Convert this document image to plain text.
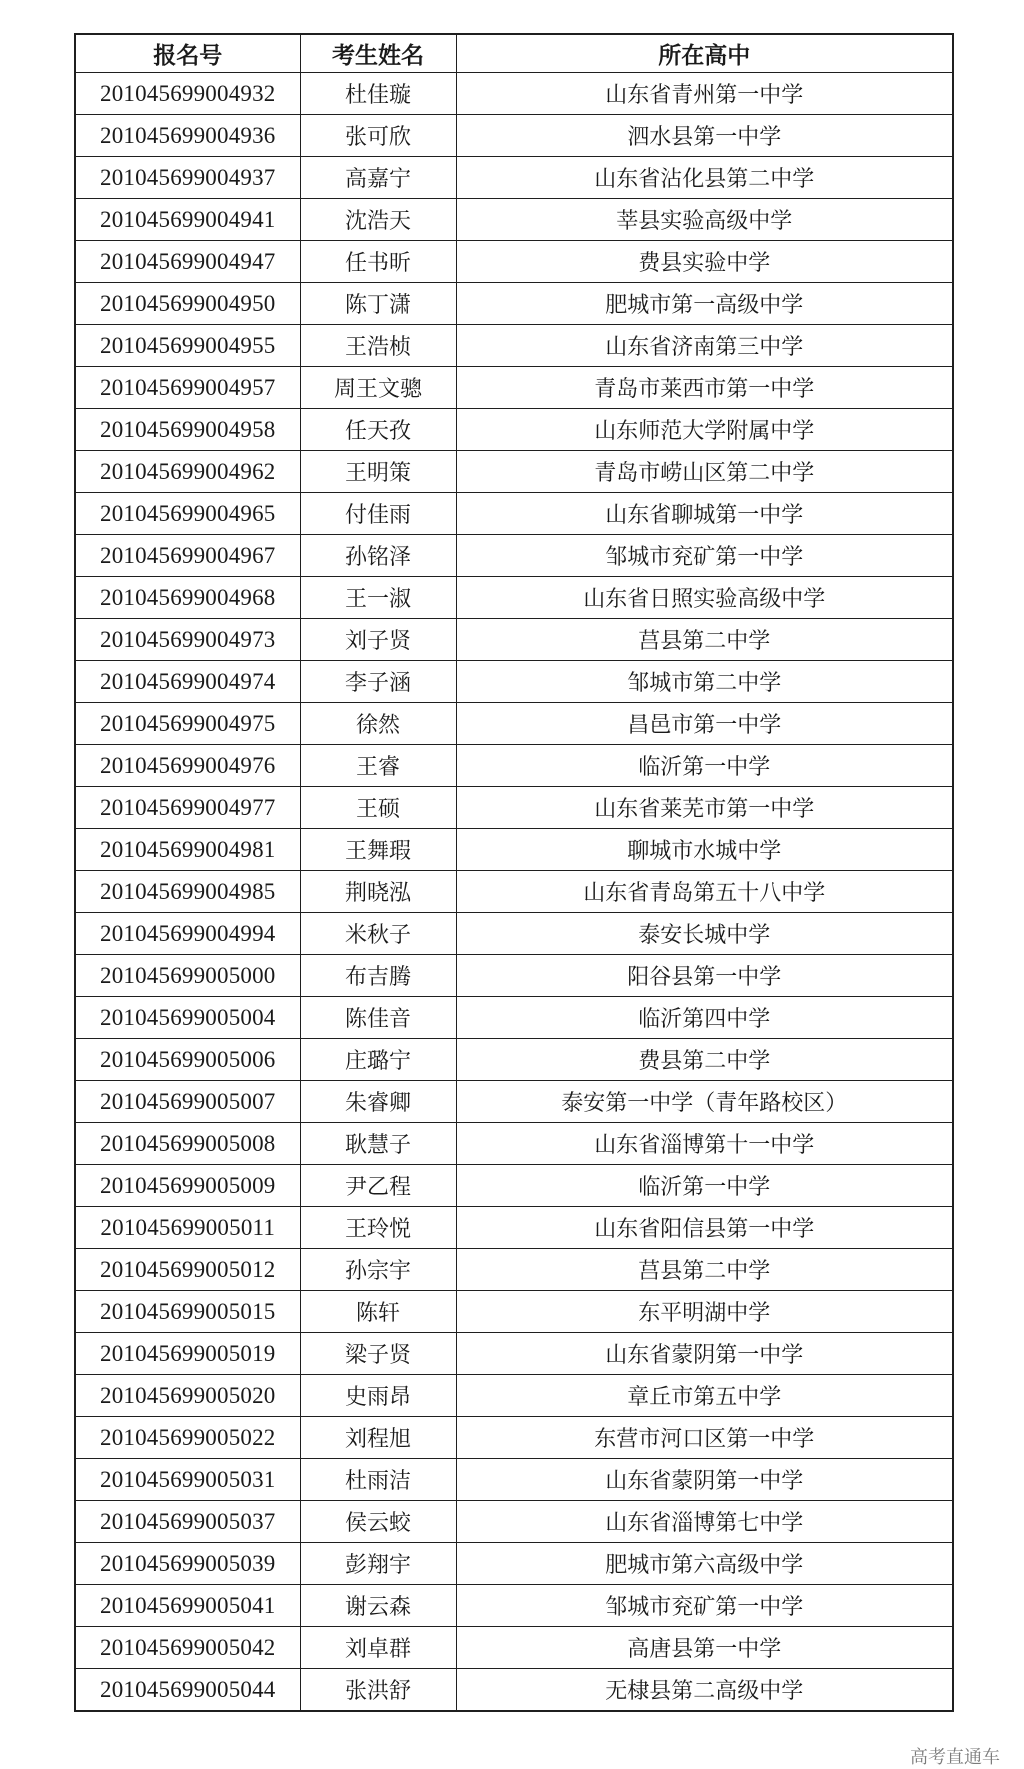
报名号	考生姓名	所在高中
201045699004932	杜佳璇	山东省青州第一中学
201045699004936	张可欣	泗水县第一中学
201045699004937	高嘉宁	山东省沾化县第二中学
201045699004941	沈浩天	莘县实验高级中学
201045699004947	任书昕	费县实验中学
201045699004950	陈丁潇	肥城市第一高级中学
201045699004955	王浩桢	山东省济南第三中学
201045699004957	周王文骢	青岛市莱西市第一中学
201045699004958	任天孜	山东师范大学附属中学
201045699004962	王明策	青岛市崂山区第二中学
201045699004965	付佳雨	山东省聊城第一中学
201045699004967	孙铭泽	邹城市兖矿第一中学
201045699004968	王一淑	山东省日照实验高级中学
201045699004973	刘子贤	莒县第二中学
201045699004974	李子涵	邹城市第二中学
201045699004975	徐然	昌邑市第一中学
201045699004976	王睿	临沂第一中学
201045699004977	王硕	山东省莱芜市第一中学
201045699004981	王舞瑕	聊城市水城中学
201045699004985	荆晓泓	山东省青岛第五十八中学
201045699004994	米秋子	泰安长城中学
201045699005000	布吉腾	阳谷县第一中学
201045699005004	陈佳音	临沂第四中学
201045699005006	庄璐宁	费县第二中学
201045699005007	朱睿卿	泰安第一中学（青年路校区）
201045699005008	耿慧子	山东省淄博第十一中学
201045699005009	尹乙程	临沂第一中学
201045699005011	王玲悦	山东省阳信县第一中学
201045699005012	孙宗宇	莒县第二中学
201045699005015	陈轩	东平明湖中学
201045699005019	梁子贤	山东省蒙阴第一中学
201045699005020	史雨昂	章丘市第五中学
201045699005022	刘程旭	东营市河口区第一中学
201045699005031	杜雨洁	山东省蒙阴第一中学
201045699005037	侯云蛟	山东省淄博第七中学
201045699005039	彭翔宇	肥城市第六高级中学
201045699005041	谢云森	邹城市兖矿第一中学
201045699005042	刘卓群	高唐县第一中学
201045699005044	张洪舒	无棣县第二高级中学
高考直通车
